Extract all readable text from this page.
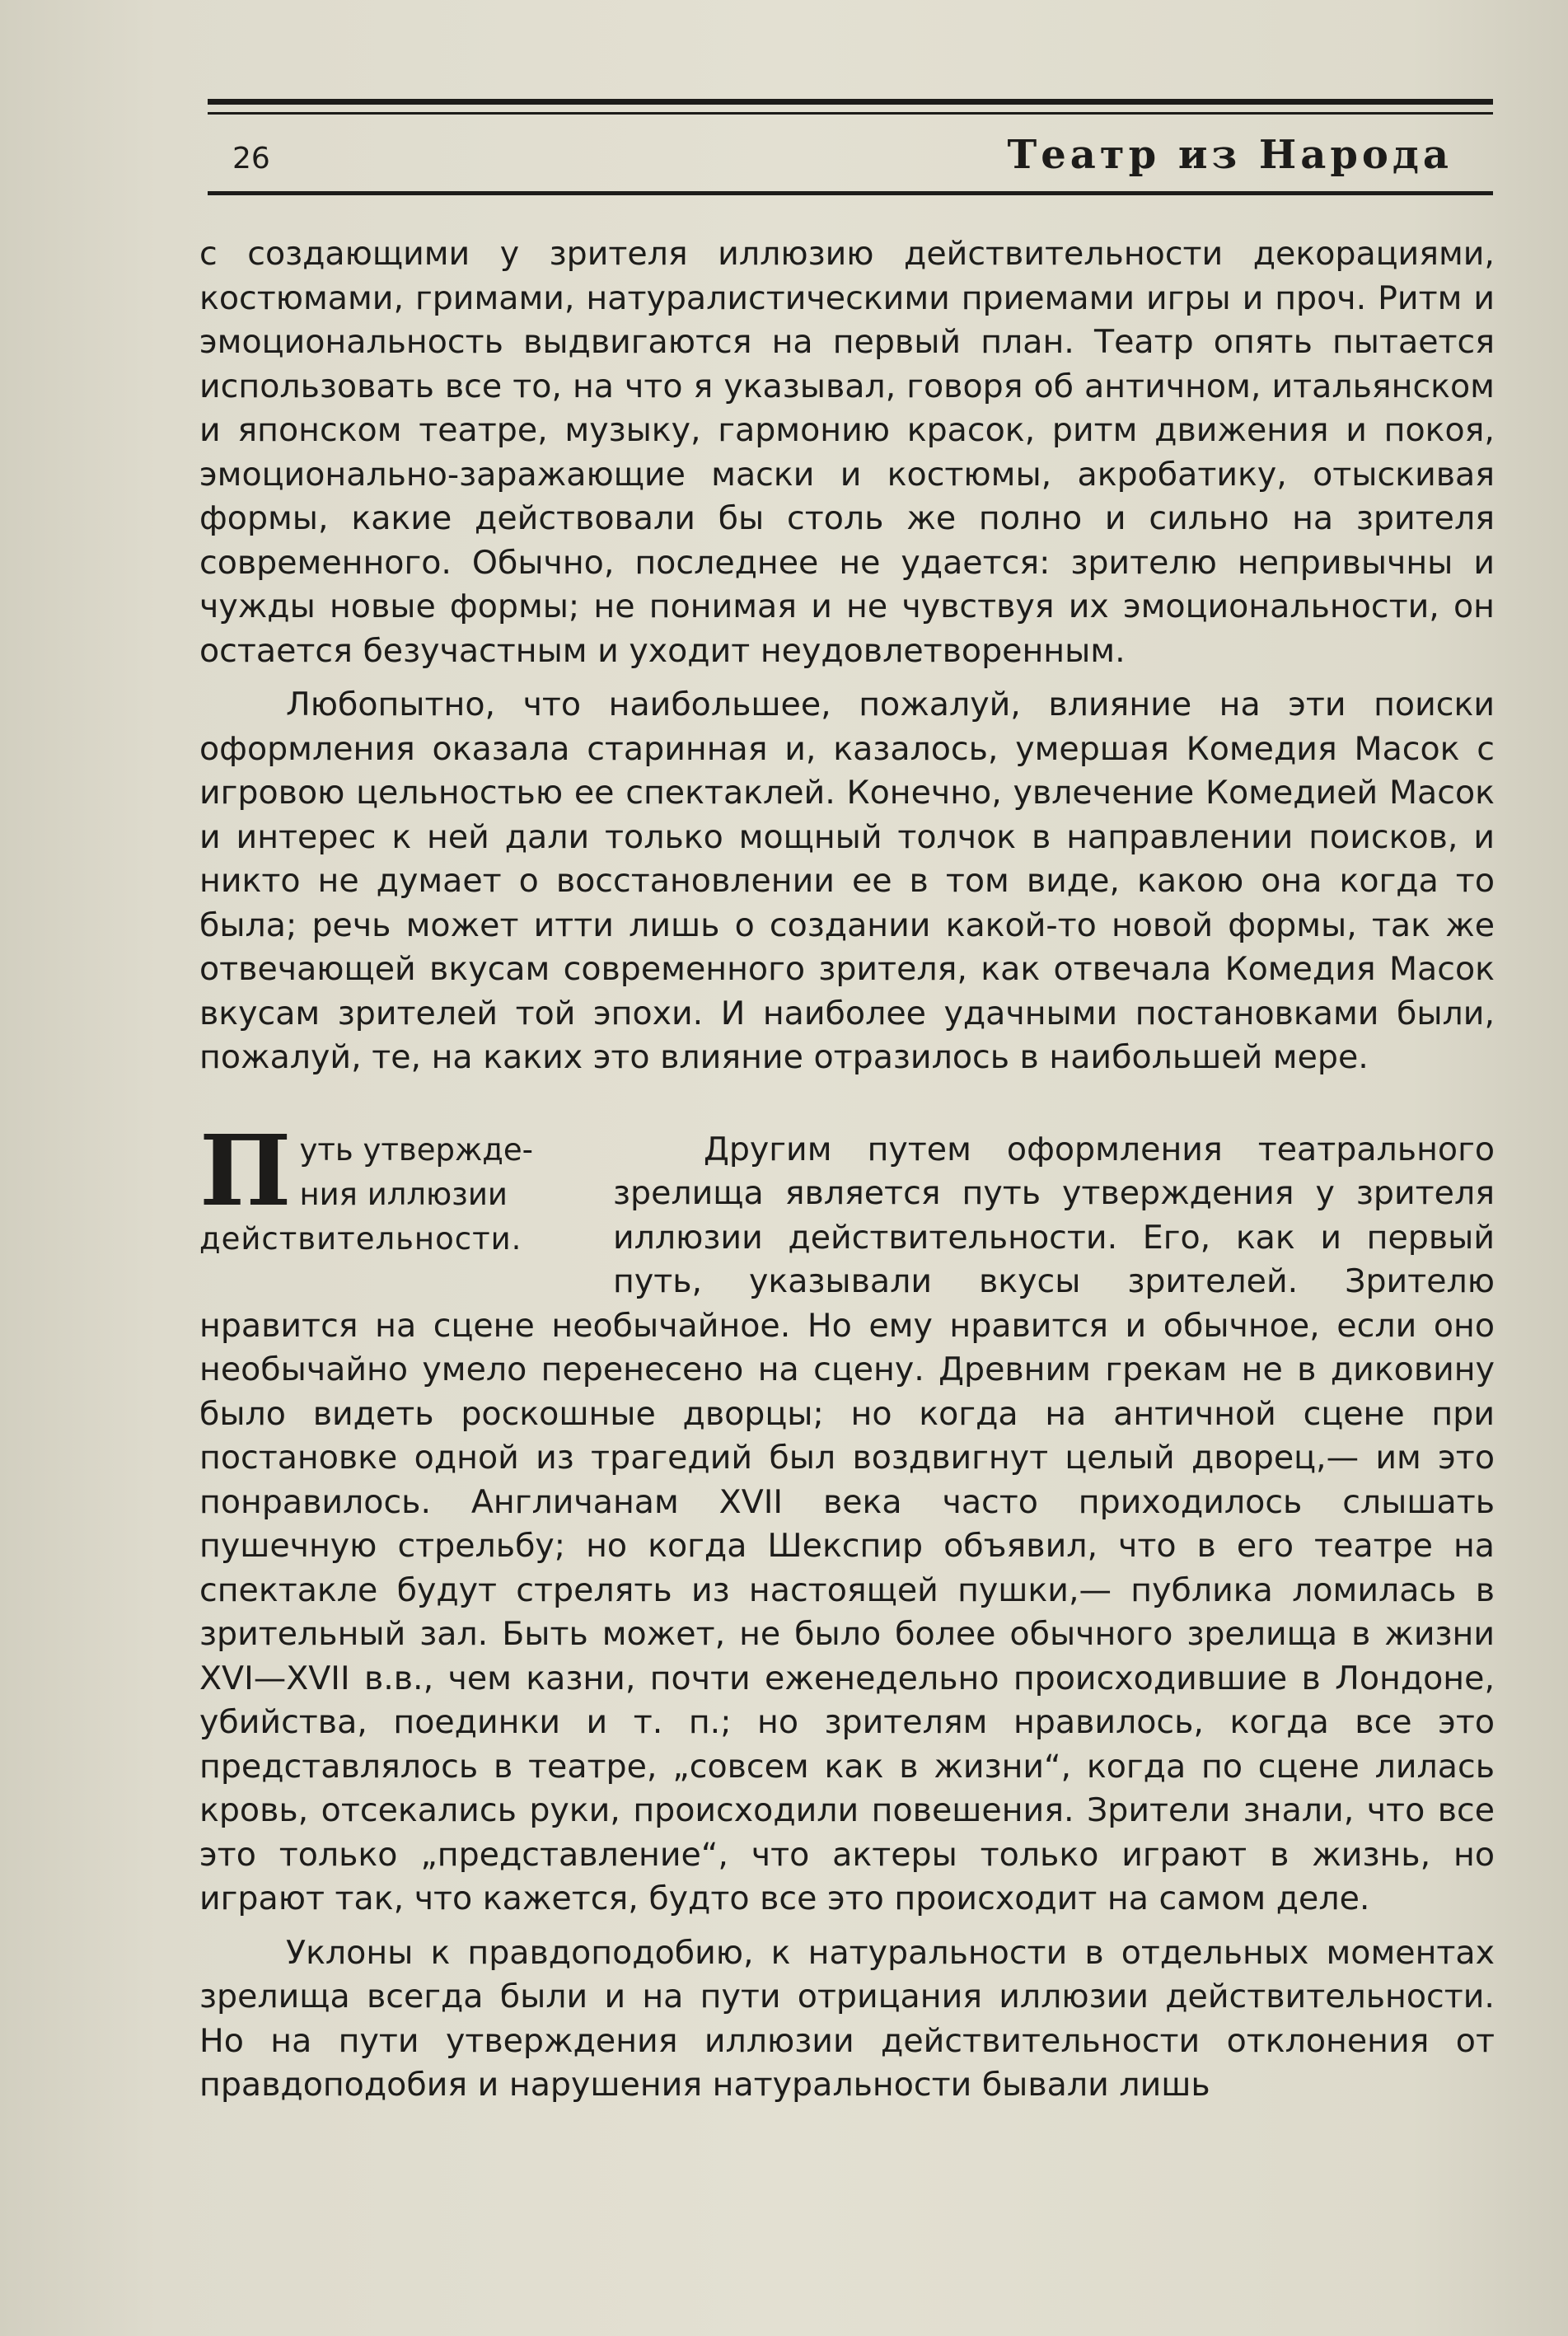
26	Театр из Народа

с создающими у зрителя иллюзию действительности декорациями, костюмами, гримами, натуралистическими приемами игры и проч. Ритм и эмоциональность выдвигаются на первый план. Театр опять пытается использовать все то, на что я указывал, говоря об античном, итальянском и японском театре, музыку, гармонию красок, ритм движения и покоя, эмоционально-заражающие маски и костюмы, акробатику, отыскивая формы, какие действовали бы столь же полно и сильно на зрителя современного. Обычно, последнее не удается: зрителю непривычны и чужды новые формы; не понимая и не чувствуя их эмоциональности, он остается безучастным и уходит неудовлетворенным.

Любопытно, что наибольшее, пожалуй, влияние на эти поиски оформления оказала старинная и, казалось, умершая Комедия Масок с игровою цельностью ее спектаклей. Конечно, увлечение Комедией Масок и интерес к ней дали только мощный толчок в направлении поисков, и никто не думает о восстановлении ее в том виде, какою она когда то была; речь может итти лишь о создании какой-то новой формы, так же отвечающей вкусам современного зрителя, как отвечала Комедия Масок вкусам зрителей той эпохи. И наиболее удачными постановками были, пожалуй, те, на каких это влияние отразилось в наибольшей мере.

П уть утвержде-
ния иллюзии
действительности.

Другим путем оформления театрального зрелища является путь утверждения у зрителя иллюзии действительности. Его, как и первый путь, указывали вкусы зрителей. Зрителю нравится на сцене необычайное. Но ему нравится и обычное, если оно необычайно умело перенесено на сцену. Древним грекам не в диковину было видеть роскошные дворцы; но когда на античной сцене при постановке одной из трагедий был воздвигнут целый дворец,— им это понравилось. Англичанам XVII века часто приходилось слышать пушечную стрельбу; но когда Шекспир объявил, что в его театре на спектакле будут стрелять из настоящей пушки,— публика ломилась в зрительный зал. Быть может, не было более обычного зрелища в жизни XVI—XVII в.в., чем казни, почти еженедельно происходившие в Лондоне, убийства, поединки и т. п.; но зрителям нравилось, когда все это представлялось в театре, „совсем как в жизни“, когда по сцене лилась кровь, отсекались руки, происходили повешения. Зрители знали, что все это только „представление“, что актеры только играют в жизнь, но играют так, что кажется, будто все это происходит на самом деле.

Уклоны к правдоподобию, к натуральности в отдельных моментах зрелища всегда были и на пути отрицания иллюзии действительности. Но на пути утверждения иллюзии действительности отклонения от правдоподобия и нарушения натуральности бывали лишь
